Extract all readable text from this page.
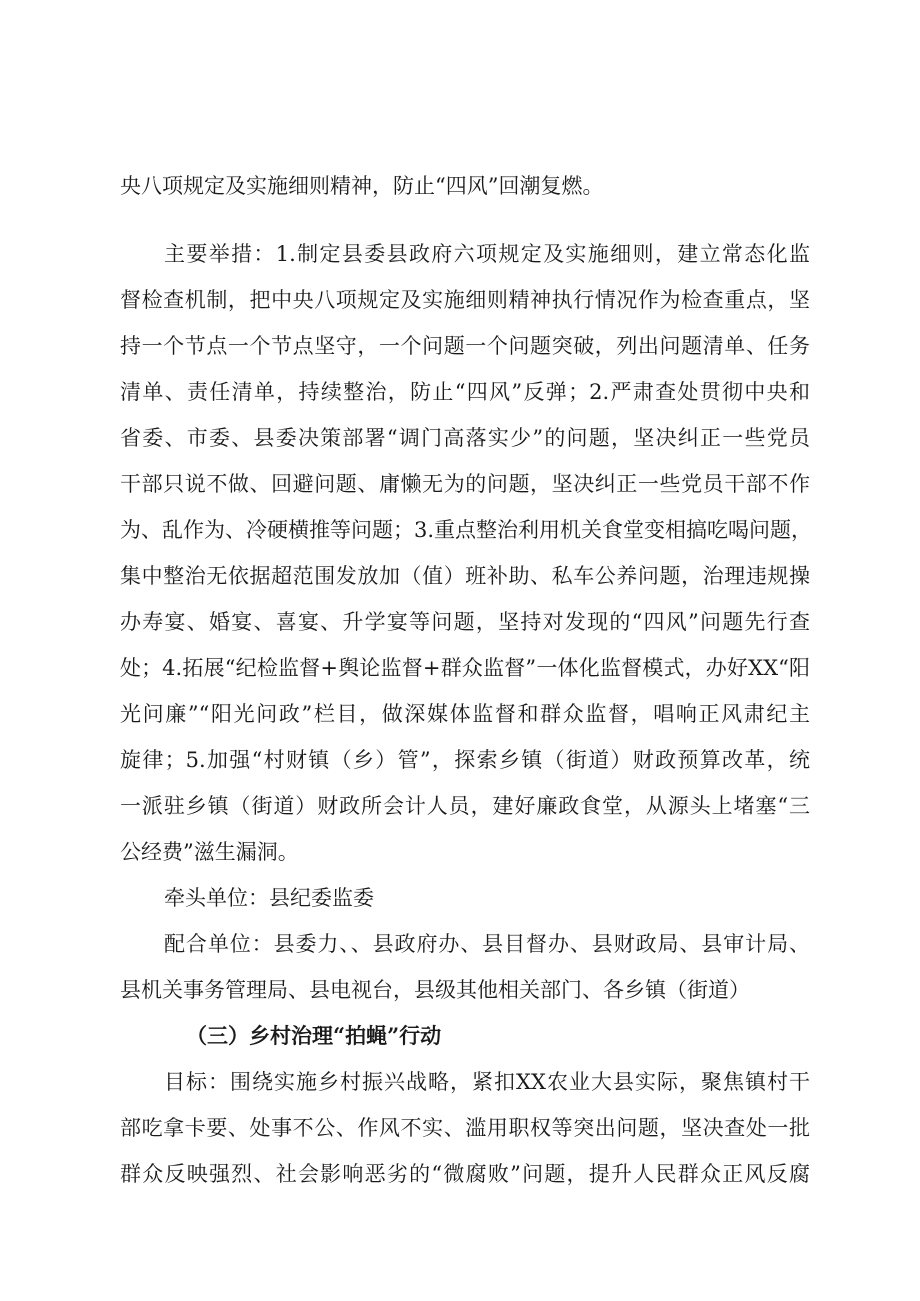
央八项规定及实施细则精神，防止“四风”回潮复燃。
主要举措：1.制定县委县政府六项规定及实施细则，建立常态化监
督检查机制，把中央八项规定及实施细则精神执行情况作为检查重点，坚
持一个节点一个节点坚守，一个问题一个问题突破，列出问题清单、任务
清单、责任清单，持续整治，防止“四风”反弹；2.严肃查处贯彻中央和
省委、市委、县委决策部署“调门高落实少”的问题，坚决纠正一些党员
干部只说不做、回避问题、庸懒无为的问题，坚决纠正一些党员干部不作
为、乱作为、冷硬横推等问题；3.重点整治利用机关食堂变相搞吃喝问题，
集中整治无依据超范围发放加（值）班补助、私车公养问题，治理违规操
办寿宴、婚宴、喜宴、升学宴等问题，坚持对发现的“四风”问题先行查
处；4.拓展“纪检监督+舆论监督+群众监督”一体化监督模式，办好XX“阳
光问廉”“阳光问政”栏目，做深媒体监督和群众监督，唱响正风肃纪主
旋律；5.加强“村财镇（乡）管”，探索乡镇（街道）财政预算改革，统
一派驻乡镇（街道）财政所会计人员，建好廉政食堂，从源头上堵塞“三
公经费”滋生漏洞。
牵头单位：县纪委监委
配合单位：县委力、、县政府办、县目督办、县财政局、县审计局、
县机关事务管理局、县电视台，县级其他相关部门、各乡镇（街道）
（三）乡村治理“拍蝇”行动
目标：围绕实施乡村振兴战略，紧扣XX农业大县实际，聚焦镇村干
部吃拿卡要、处事不公、作风不实、滥用职权等突出问题，坚决查处一批
群众反映强烈、社会影响恶劣的“微腐败”问题，提升人民群众正风反腐
